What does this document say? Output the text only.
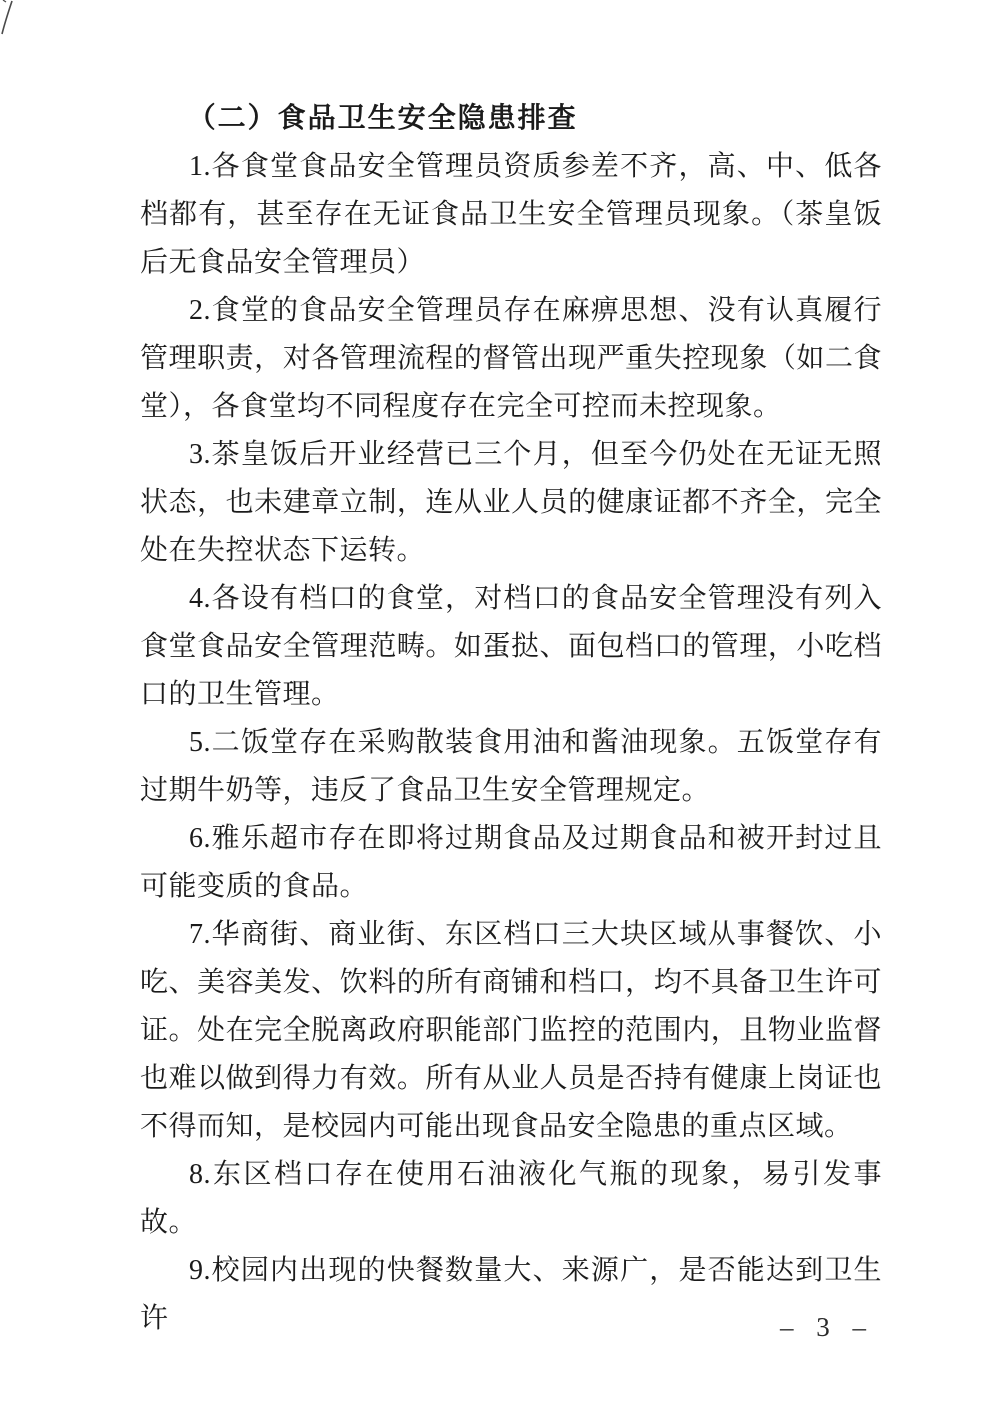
（二）食品卫生安全隐患排查

1.各食堂食品安全管理员资质参差不齐，高、中、低各档都有，甚至存在无证食品卫生安全管理员现象。（茶皇饭后无食品安全管理员）

2.食堂的食品安全管理员存在麻痹思想、没有认真履行管理职责，对各管理流程的督管出现严重失控现象（如二食堂），各食堂均不同程度存在完全可控而未控现象。

3.茶皇饭后开业经营已三个月，但至今仍处在无证无照状态，也未建章立制，连从业人员的健康证都不齐全，完全处在失控状态下运转。

4.各设有档口的食堂，对档口的食品安全管理没有列入食堂食品安全管理范畴。如蛋挞、面包档口的管理，小吃档口的卫生管理。

5.二饭堂存在采购散装食用油和酱油现象。五饭堂存有过期牛奶等，违反了食品卫生安全管理规定。

6.雅乐超市存在即将过期食品及过期食品和被开封过且可能变质的食品。

7.华商街、商业街、东区档口三大块区域从事餐饮、小吃、美容美发、饮料的所有商铺和档口，均不具备卫生许可证。处在完全脱离政府职能部门监控的范围内，且物业监督也难以做到得力有效。所有从业人员是否持有健康上岗证也不得而知，是校园内可能出现食品安全隐患的重点区域。

8.东区档口存在使用石油液化气瓶的现象，易引发事故。

9.校园内出现的快餐数量大、来源广，是否能达到卫生许	– 3 –
